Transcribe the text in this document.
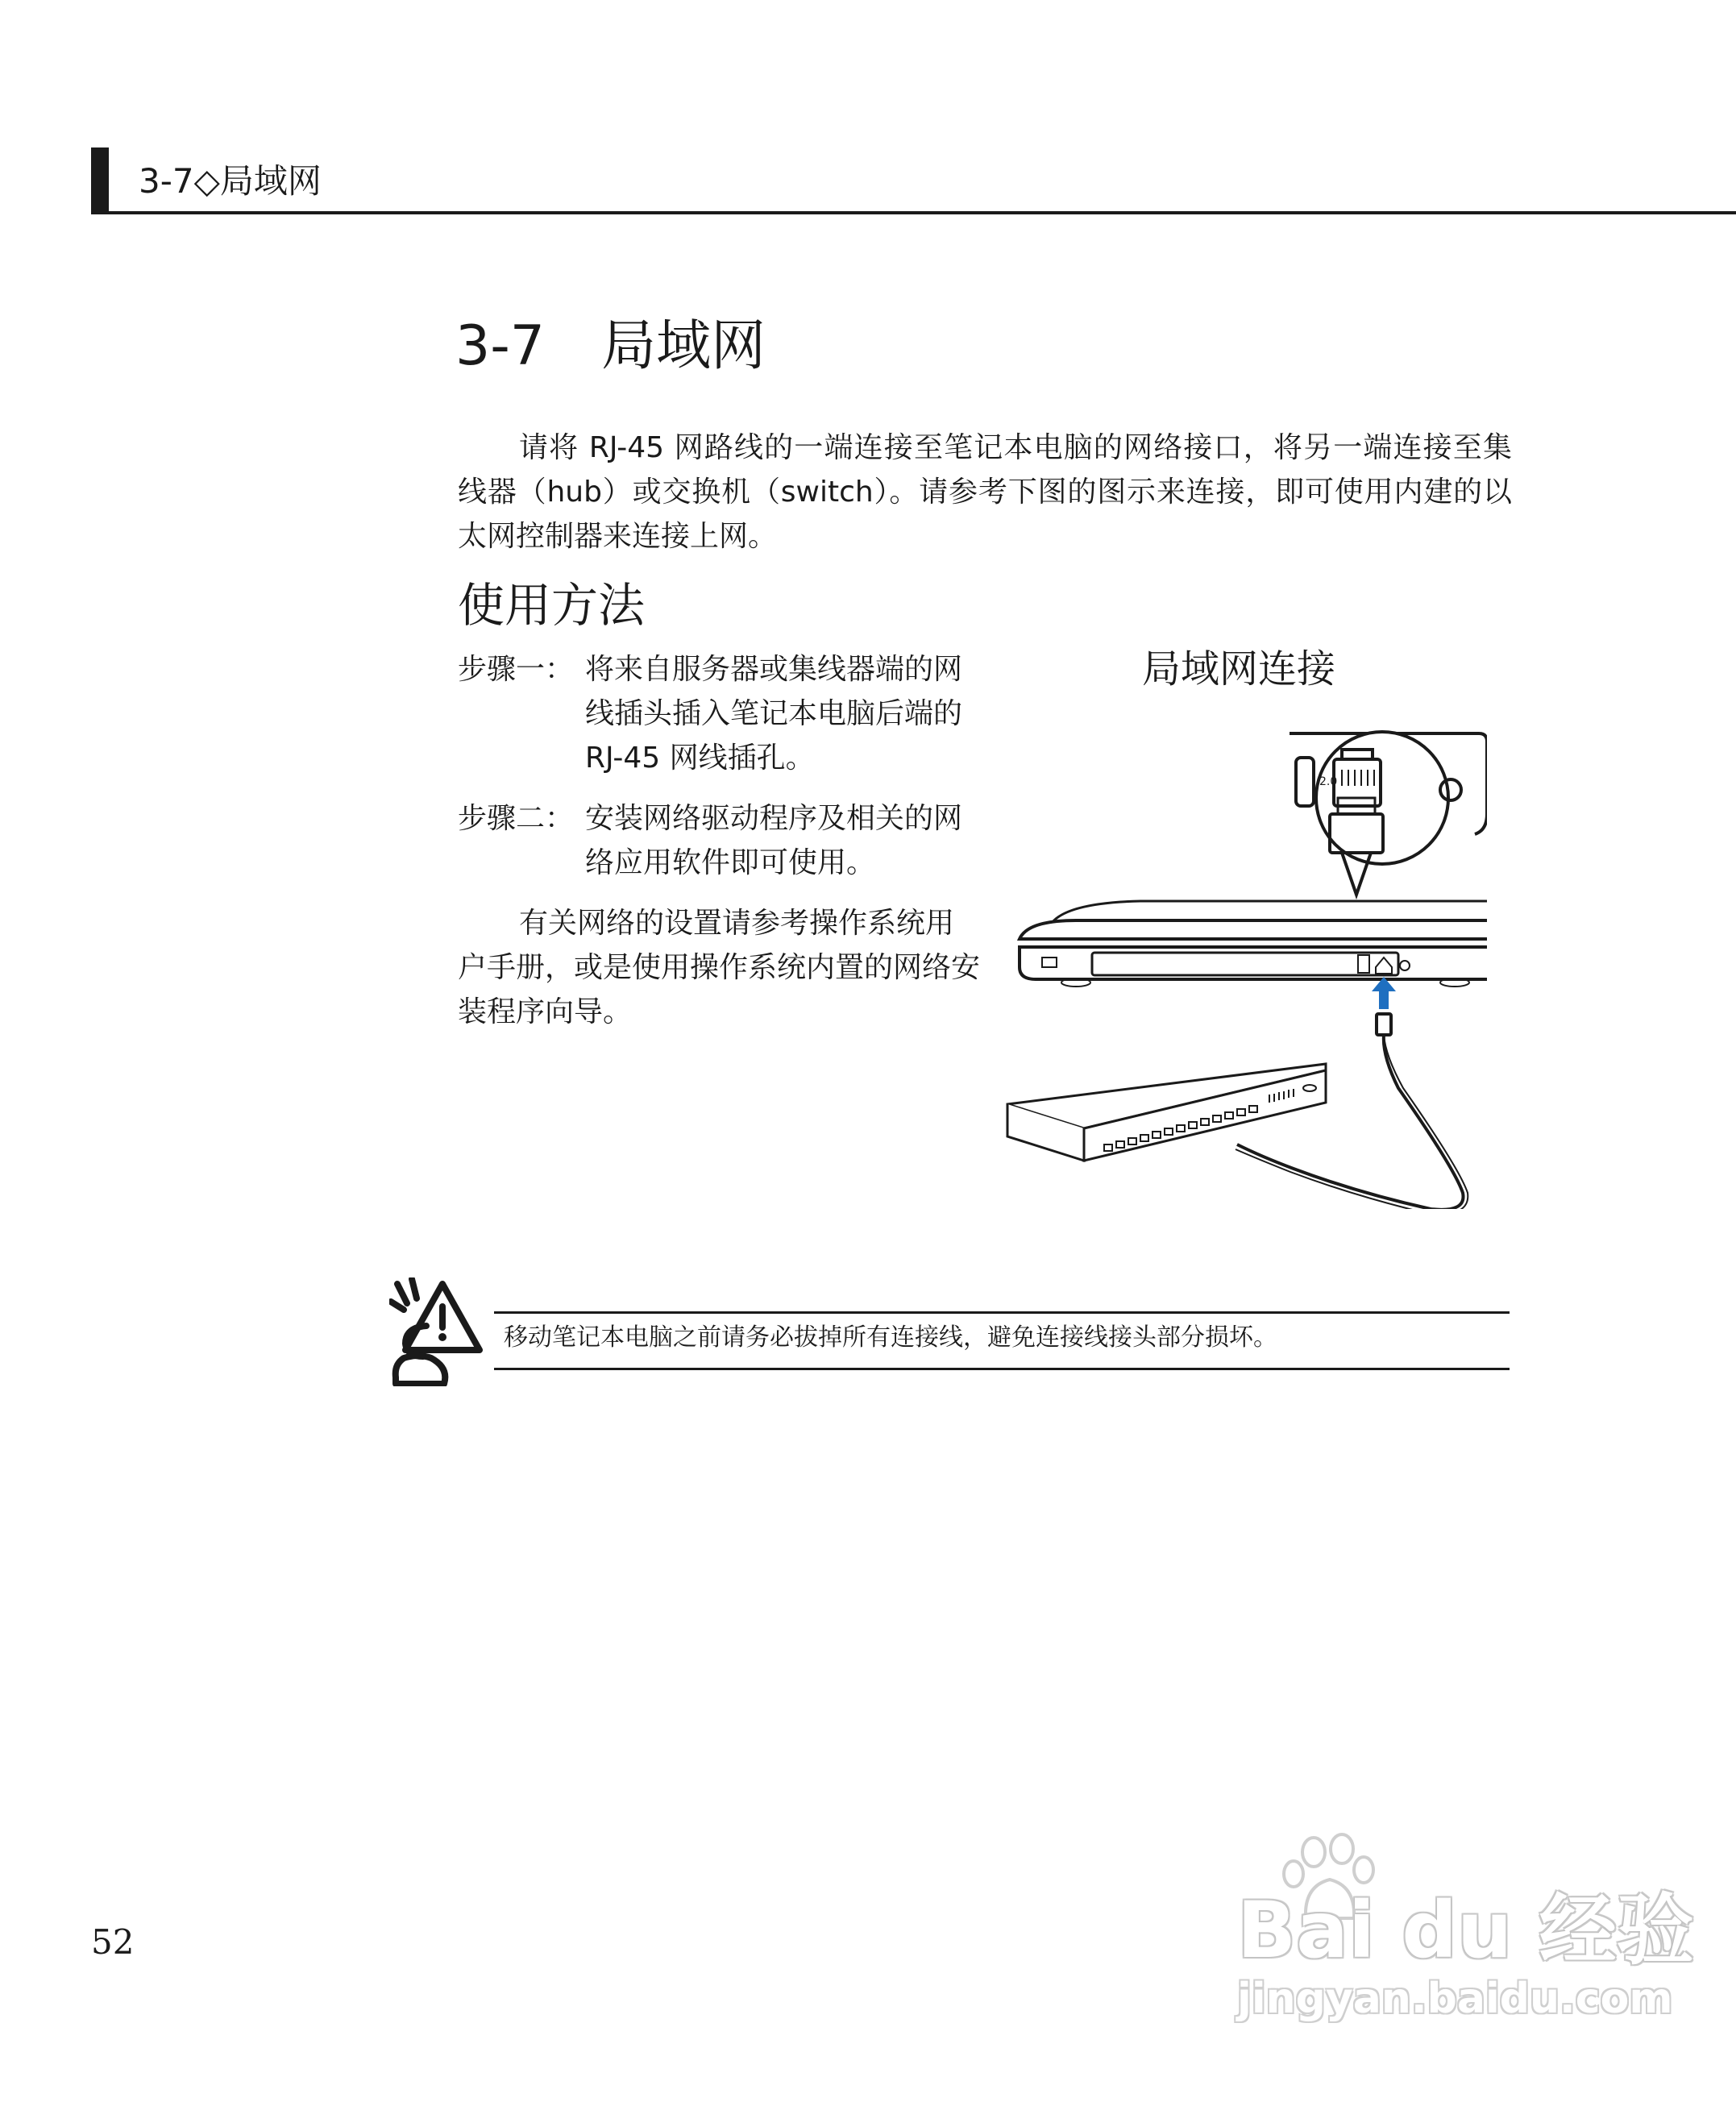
3-7◇局域网
3-7 局域网

请将 RJ-45 网路线的一端连接至笔记本电脑的网络接口，将另一端连接至集线器（hub）或交换机（switch）。请参考下图的图示来连接，即可使用内建的以太网控制器来连接上网。

使用方法
步骤一： 将来自服务器或集线器端的网线插头插入笔记本电脑后端的 RJ-45 网线插孔。
步骤二： 安装网络驱动程序及相关的网络应用软件即可使用。

有关网络的设置请参考操作系统用户手册，或是使用操作系统内置的网络安装程序向导。

局域网连接
2.0
移动笔记本电脑之前请务必拔掉所有连接线，避免连接线接头部分损坏。
52	Bai du 经验
jingyan.baidu.com
